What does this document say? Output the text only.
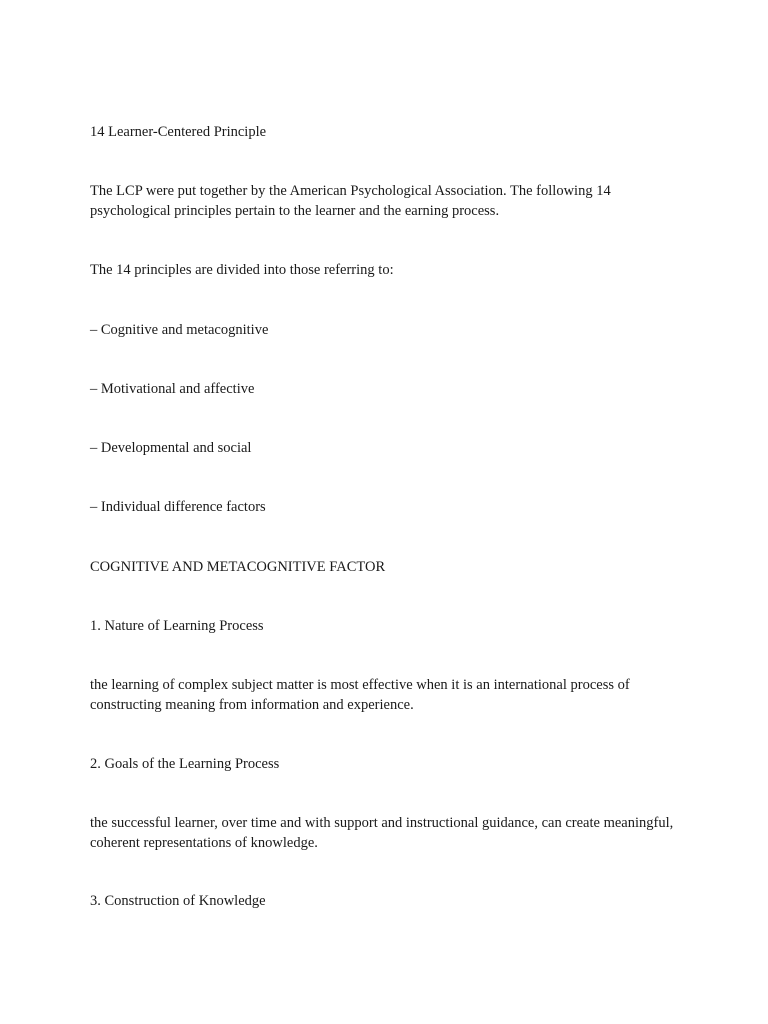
14 Learner-Centered Principle
The LCP were put together by the American Psychological Association. The following 14 psychological principles pertain to the learner and the earning process.
The 14 principles are divided into those referring to:
– Cognitive and metacognitive
– Motivational and affective
– Developmental and social
– Individual difference factors
COGNITIVE AND METACOGNITIVE FACTOR
1. Nature of Learning Process
the learning of complex subject matter is most effective when it is an international process of constructing meaning from information and experience.
2. Goals of the Learning Process
the successful learner, over time and with support and instructional guidance, can create meaningful, coherent representations of knowledge.
3. Construction of Knowledge
